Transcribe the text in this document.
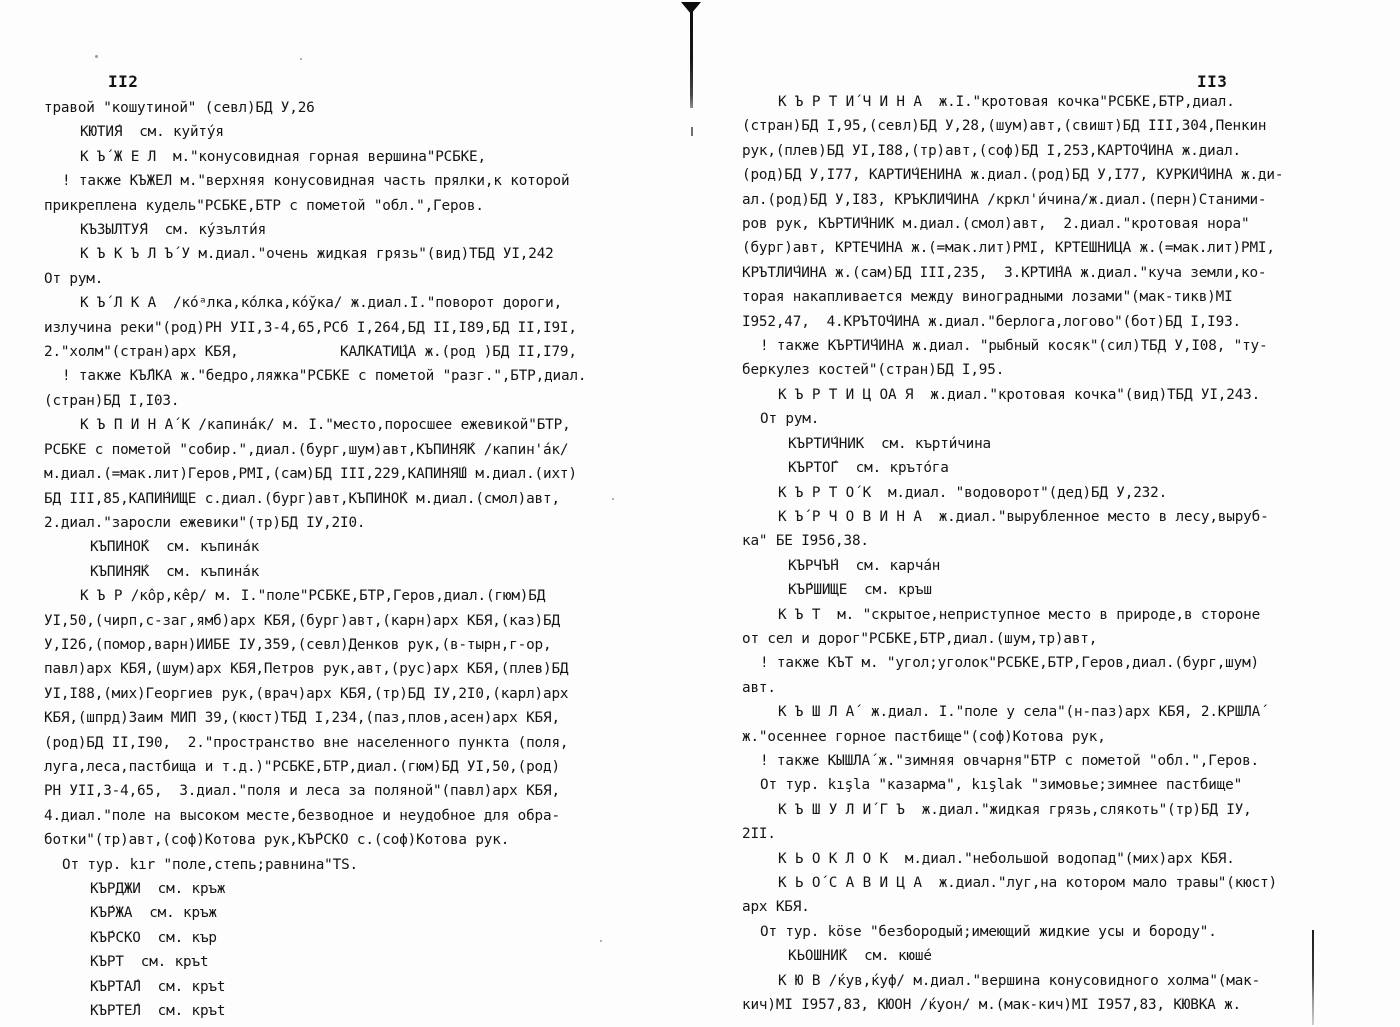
II2
травой "кошутиной" (севл)БД У,26
КЮТИ́Я  см. куйту́я
К Ъ́ Ж Е Л  м."конусовидная горная вершина"РСБКЕ,
! также КЪЖЕЛ м."верхняя конусовидная часть прялки,к которой
прикреплена кудель"РСБКЕ,БТР с пометой "обл.",Геров.
КЪЗЫЛТУ́Я  см. ку́зълти́я
К Ъ К Ъ Л Ъ́ У м.диал."очень жидкая грязь"(вид)ТБД УI,242
От рум.
К Ъ́ Л К А  /ко́ᵃлка,ко́лка,ко́ўка/ ж.диал.I."поворот дороги,
излучина реки"(род)РН УII,3-4,65,РСб I,264,БД II,I89,БД II,I9I,
2."холм"(стран)арх КБЯ,            КАЛКАТИ́ЦА ж.(род )БД II,I79,
! также КЪ́ЛКА ж."бедро,ляжка"РСБКЕ с пометой "разг.",БТР,диал.
(стран)БД I,I03.
К Ъ П И Н А́ К /капина́к/ м. I."место,поросшее ежевикой"БТР,
РСБКЕ с пометой "собир.",диал.(бург,шум)авт,КЪПИНЯ́К /капин'а́к/
м.диал.(=мак.лит)Геров,РМI,(сам)БД III,229,КАПИНЯ́Ш м.диал.(ихт)
БД III,85,КАПИ́НИЩЕ с.диал.(бург)авт,КЪПИНО́К м.диал.(смол)авт,
2.диал."заросли ежевики"(тр)БД IУ,2I0.
КЪПИНО́К  см. къпина́к
КЪПИНЯ́К  см. къпина́к
К Ъ Р /ко̂р,ке̂р/ м. I."поле"РСБКЕ,БТР,Геров,диал.(гюм)БД
УI,50,(чирп,с-заг,ямб)арх КБЯ,(бург)авт,(карн)арх КБЯ,(каз)БД
У,I26,(помор,варн)ИИБЕ IУ,359,(севл)Денков рук,(в-тырн,г-ор,
павл)арх КБЯ,(шум)арх КБЯ,Петров рук,авт,(рус)арх КБЯ,(плев)БД
УI,I88,(мих)Георгиев рук,(врач)арх КБЯ,(тр)БД IУ,2I0,(карл)арх
КБЯ,(шпрд)Заим МИП 39,(кюст)ТБД I,234,(паз,плов,асен)арх КБЯ,
(род)БД II,I90,  2."пространство вне населенного пункта (поля,
луга,леса,пастбища и т.д.)"РСБКЕ,БТР,диал.(гюм)БД УI,50,(род)
РН УII,3-4,65,  3.диал."поля и леса за поляной"(павл)арх КБЯ,
4.диал."поле на высоком месте,безводное и неудобное для обра-
ботки"(тр)авт,(соф)Котова рук,КЪ́РСКО с.(соф)Котова рук.
От тур. kır "поле,степь;равнина"TS.
КЪРДЖИ  см. кръж
КЪ́РЖА  см. кръж
КЪ́РСКО  см. къp
КЪРТ  см. кръt
КЪРТА́Л  см. кръt
КЪРТЕ́Л  см. кръt
II3
К Ъ Р Т И́ Ч И Н А  ж.I."кротовая кочка"РСБКЕ,БТР,диал.
(стран)БД I,95,(севл)БД У,28,(шум)авт,(свишт)БД III,304,Пенкин
рук,(плев)БД УI,I88,(тр)авт,(соф)БД I,253,КАРТО́ЧИНА ж.диал.
(род)БД У,I77, КАРТИ́ЧЕНИНА ж.диал.(род)БД У,I77, КУРКИ́ЧИНА ж.ди-
ал.(род)БД У,I83, КРЪКЛИ́ЧИНА /кркл'и́чина/ж.диал.(перн)Станими-
ров рук, КЪРТИ́ЧНИК м.диал.(смол)авт,  2.диал."кротовая нора"
(бург)авт, КРТЕЧИНА ж.(=мак.лит)РМI, КРТЕШНИЦА ж.(=мак.лит)РМI,
КРЪТЛИ́ЧИНА ж.(сам)БД III,235,  3.КРТИ́НА ж.диал."куча земли,ко-
торая накапливается между виноградными лозами"(мак-тикв)МI
I952,47,  4.КРЪТО́ЧИНА ж.диал."берлога,логово"(бот)БД I,I93.
! также КЪРТИ́ЧИНА ж.диал. "рыбный косяк"(сил)ТБД У,I08, "ту-
беркулез костей"(стран)БД I,95.
К Ъ Р Т И Ц ОА Я  ж.диал."кротовая кочка"(вид)ТБД УI,243.
От рум.
КЪРТИ́ЧНИК  см. къpти́чина
КЪРТО́Г  см. кръто́га
К Ъ Р Т О́ К  м.диал. "водоворот"(дед)БД У,232.
К Ъ́ Р Ч О В И Н А  ж.диал."вырубленное место в лесу,выруб-
ка" БЕ I956,38.
КЪРЧЪ́Н  см. карча́н
КЪ́РШИЩЕ  см. кръш
К Ъ Т  м. "скрытое,неприступное место в природе,в стороне
от сел и дорог"РСБКЕ,БТР,диал.(шум,тр)авт,
! также КЪТ м. "угол;уголок"РСБКЕ,БТР,Геров,диал.(бург,шум)
авт.
К Ъ Ш Л А́  ж.диал. I."поле у села"(н-паз)арх КБЯ, 2.КРШЛА́
ж."осеннее горное пастбище"(соф)Котова рук,
! также КЫШЛА́ ж."зимняя овчарня"БТР с пометой "обл.",Геров.
От тур. kışla "казарма", kışlak "зимовье;зимнее пастбище"
К Ъ Ш У Л И́ Г Ъ  ж.диал."жидкая грязь,слякоть"(тр)БД IУ,
2II.
К Ь О К Л О К  м.диал."небольшой водопад"(мих)арх КБЯ.
К Ь О́ С А В И Ц А  ж.диал."луг,на котором мало травы"(кюст)
арх КБЯ.
От тур. köse "безбородый;имеющий жидкие усы и бороду".
КЬОШНИ́К  см. кюше́
К Ю В /ќув,ќуф/ м.диал."вершина конусовидного холма"(мак-
кич)МI I957,83, КЮОН /ќуон/ м.(мак-кич)МI I957,83, КЮВКА ж.
